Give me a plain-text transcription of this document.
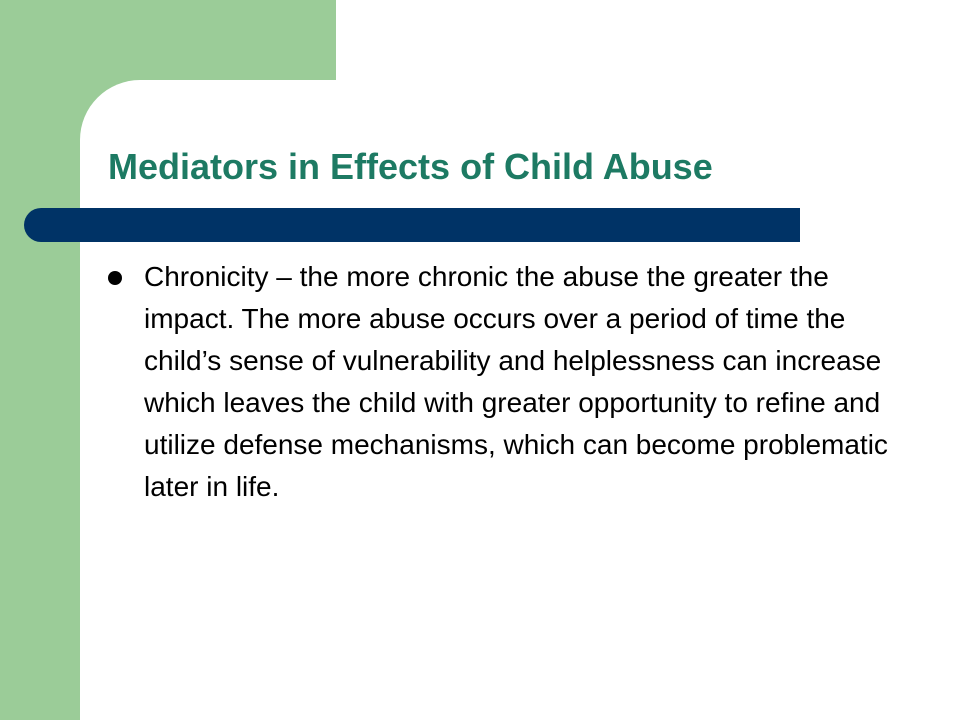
Mediators in Effects of Child Abuse
Chronicity – the more chronic the abuse the greater the impact. The more abuse occurs over a period of time the child’s sense of vulnerability and helplessness can increase which leaves the child with greater opportunity to refine and utilize defense mechanisms, which can become problematic later in life.
